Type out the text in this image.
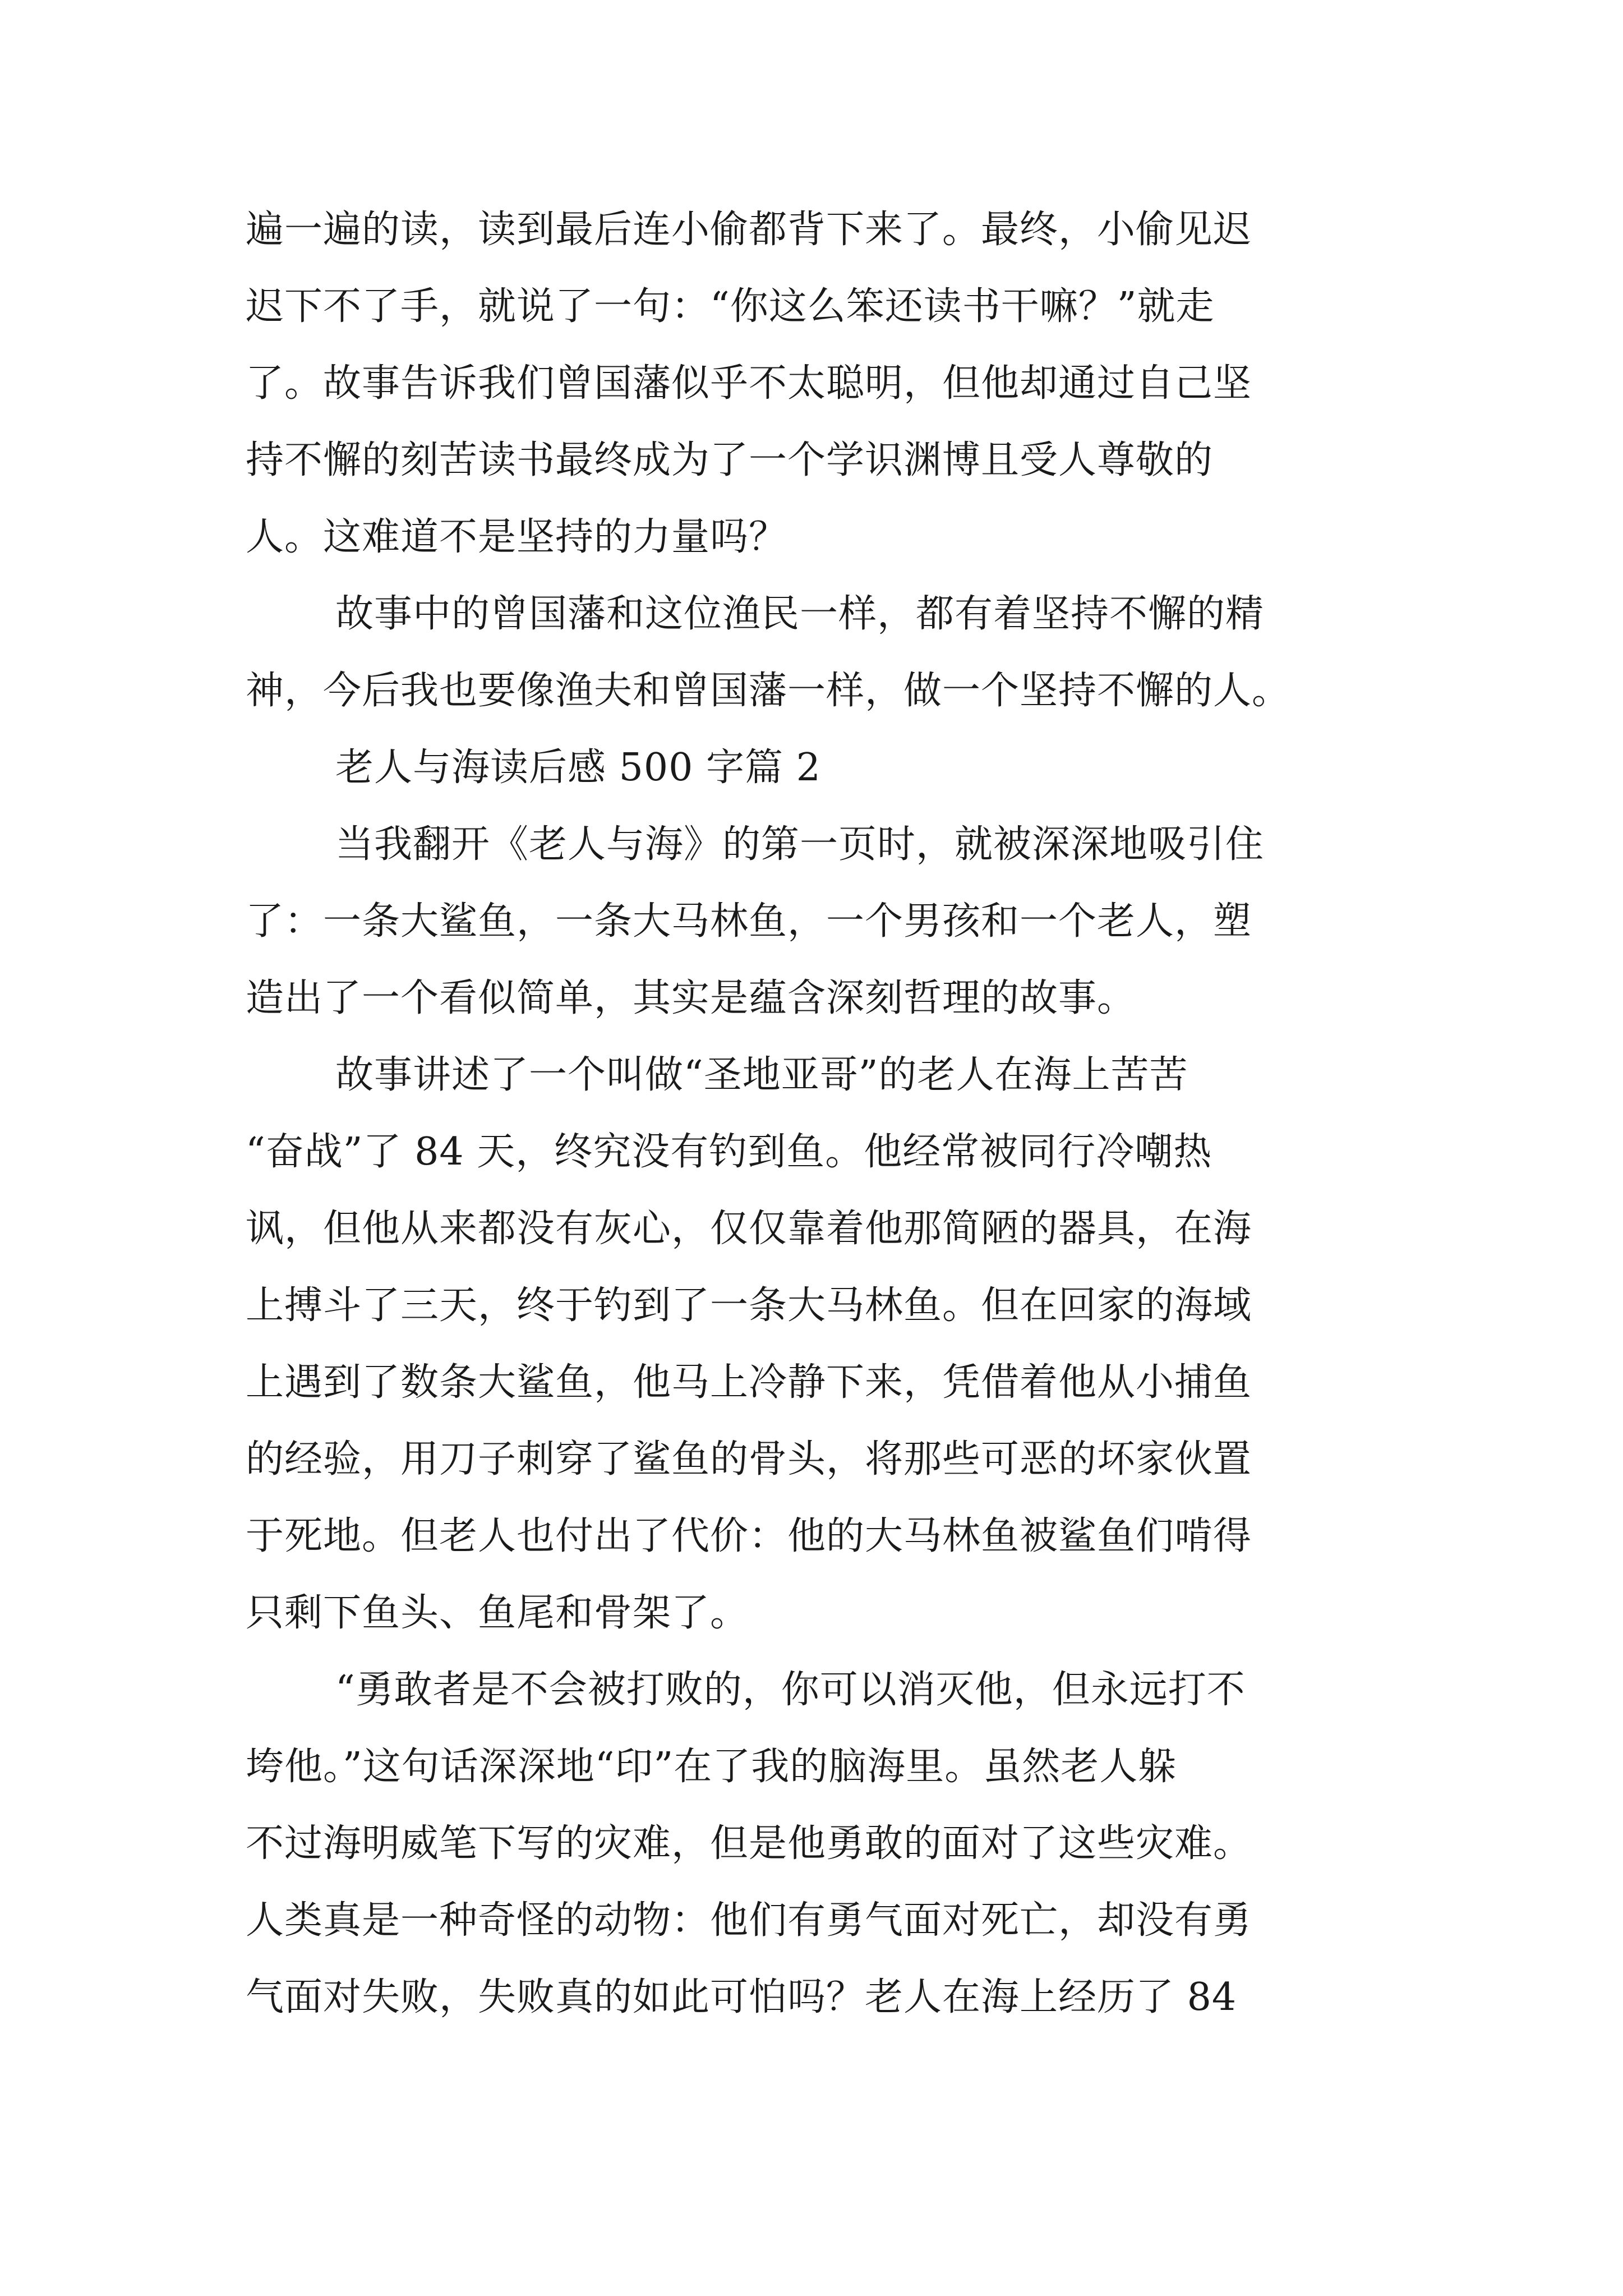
遍一遍的读，读到最后连小偷都背下来了。最终，小偷见迟
迟下不了手，就说了一句：“你这么笨还读书干嘛？”就走
了。故事告诉我们曾国藩似乎不太聪明，但他却通过自己坚
持不懈的刻苦读书最终成为了一个学识渊博且受人尊敬的
人。这难道不是坚持的力量吗？
故事中的曾国藩和这位渔民一样，都有着坚持不懈的精
神，今后我也要像渔夫和曾国藩一样，做一个坚持不懈的人。
老人与海读后感 500 字篇 2
当我翻开《老人与海》的第一页时，就被深深地吸引住
了：一条大鲨鱼，一条大马林鱼，一个男孩和一个老人，塑
造出了一个看似简单，其实是蕴含深刻哲理的故事。
故事讲述了一个叫做“圣地亚哥”的老人在海上苦苦
“奋战”了 84 天，终究没有钓到鱼。他经常被同行冷嘲热
讽，但他从来都没有灰心，仅仅靠着他那简陋的器具，在海
上搏斗了三天，终于钓到了一条大马林鱼。但在回家的海域
上遇到了数条大鲨鱼，他马上冷静下来，凭借着他从小捕鱼
的经验，用刀子刺穿了鲨鱼的骨头，将那些可恶的坏家伙置
于死地。但老人也付出了代价：他的大马林鱼被鲨鱼们啃得
只剩下鱼头、鱼尾和骨架了。
“勇敢者是不会被打败的，你可以消灭他，但永远打不
垮他。”这句话深深地“印”在了我的脑海里。虽然老人躲
不过海明威笔下写的灾难，但是他勇敢的面对了这些灾难。
人类真是一种奇怪的动物：他们有勇气面对死亡，却没有勇
气面对失败，失败真的如此可怕吗？老人在海上经历了 84
